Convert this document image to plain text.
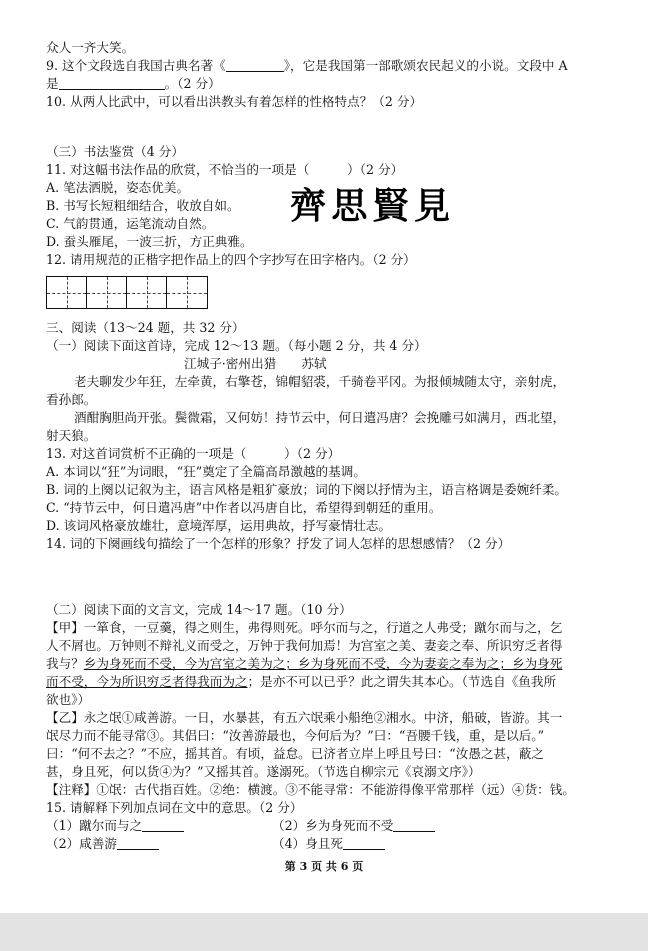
众人一齐大笑。
9. 这个文段选自我国古典名著《	》，它是我国第一部歌颂农民起义的小说。文段中 A
是	。（2 分）
10. 从两人比武中，可以看出洪教头有着怎样的性格特点？（2 分）
（三）书法鉴赏（4 分）
11. 对这幅书法作品的欣赏，不恰当的一项是（　　　）（2 分）
A. 笔法洒脱，姿态优美。
B. 书写长短粗细结合，收放自如。
C. 气韵贯通，运笔流动自然。
D. 蚕头雁尾，一波三折，方正典雅。
齊 思 賢 見
12. 请用规范的正楷字把作品上的四个字抄写在田字格内。（2 分）
三、阅读（13～24 题，共 32 分）
（一）阅读下面这首诗，完成 12～13 题。（每小题 2 分，共 4 分）
江城子·密州出猎　　苏轼
老夫聊发少年狂，左牵黄，右擎苍，锦帽貂裘，千骑卷平冈。为报倾城随太守，亲射虎，
看孙郎。
酒酣胸胆尚开张。鬓微霜，又何妨！持节云中，何日遣冯唐？会挽雕弓如满月，西北望，
射天狼。
13. 对这首词赏析不正确的一项是（　　　）（2 分）
A. 本词以“狂”为词眼，“狂”奠定了全篇高昂激越的基调。
B. 词的上阕以记叙为主，语言风格是粗犷豪放；词的下阕以抒情为主，语言格调是委婉纤柔。
C. “持节云中，何日遣冯唐”中作者以冯唐自比，希望得到朝廷的重用。
D. 该词风格豪放雄壮，意境浑厚，运用典故，抒写豪情壮志。
14. 词的下阕画线句描绘了一个怎样的形象？抒发了词人怎样的思想感情？（2 分）
（二）阅读下面的文言文，完成 14～17 题。（10 分）
【甲】一箪食，一豆羹，得之则生，弗得则死。呼尔而与之，行道之人弗受；蹴尔而与之，乞
人不屑也。万钟则不辩礼义而受之，万钟于我何加焉！为宫室之美、妻妾之奉、所识穷乏者得
我与？乡为身死而不受，今为宫室之美为之；乡为身死而不受，今为妻妾之奉为之；乡为身死
而不受，今为所识穷乏者得我而为之；是亦不可以已乎？此之谓失其本心。（节选自《鱼我所
欲也》）
【乙】永之氓①咸善游。一日，水暴甚，有五六氓乘小船绝②湘水。中济，船破，皆游。其一
氓尽力而不能寻常③。其侣曰：“汝善游最也，今何后为？”曰：“吾腰千钱，重，是以后。”
曰：“何不去之？”不应，摇其首。有顷，益怠。已济者立岸上呼且号曰：“汝愚之甚，蔽之
甚，身且死，何以货④为？”又摇其首。遂溺死。（节选自柳宗元《哀溺文序》）
【注释】①氓：古代指百姓。②绝：横渡。③不能寻常：不能游得像平常那样（远）④货：钱。
15. 请解释下列加点词在文中的意思。（2 分）
（1）蹴尔而与之	（2）乡为身死而不受
（2）咸善游	（4）身且死
第 3 页 共 6 页
